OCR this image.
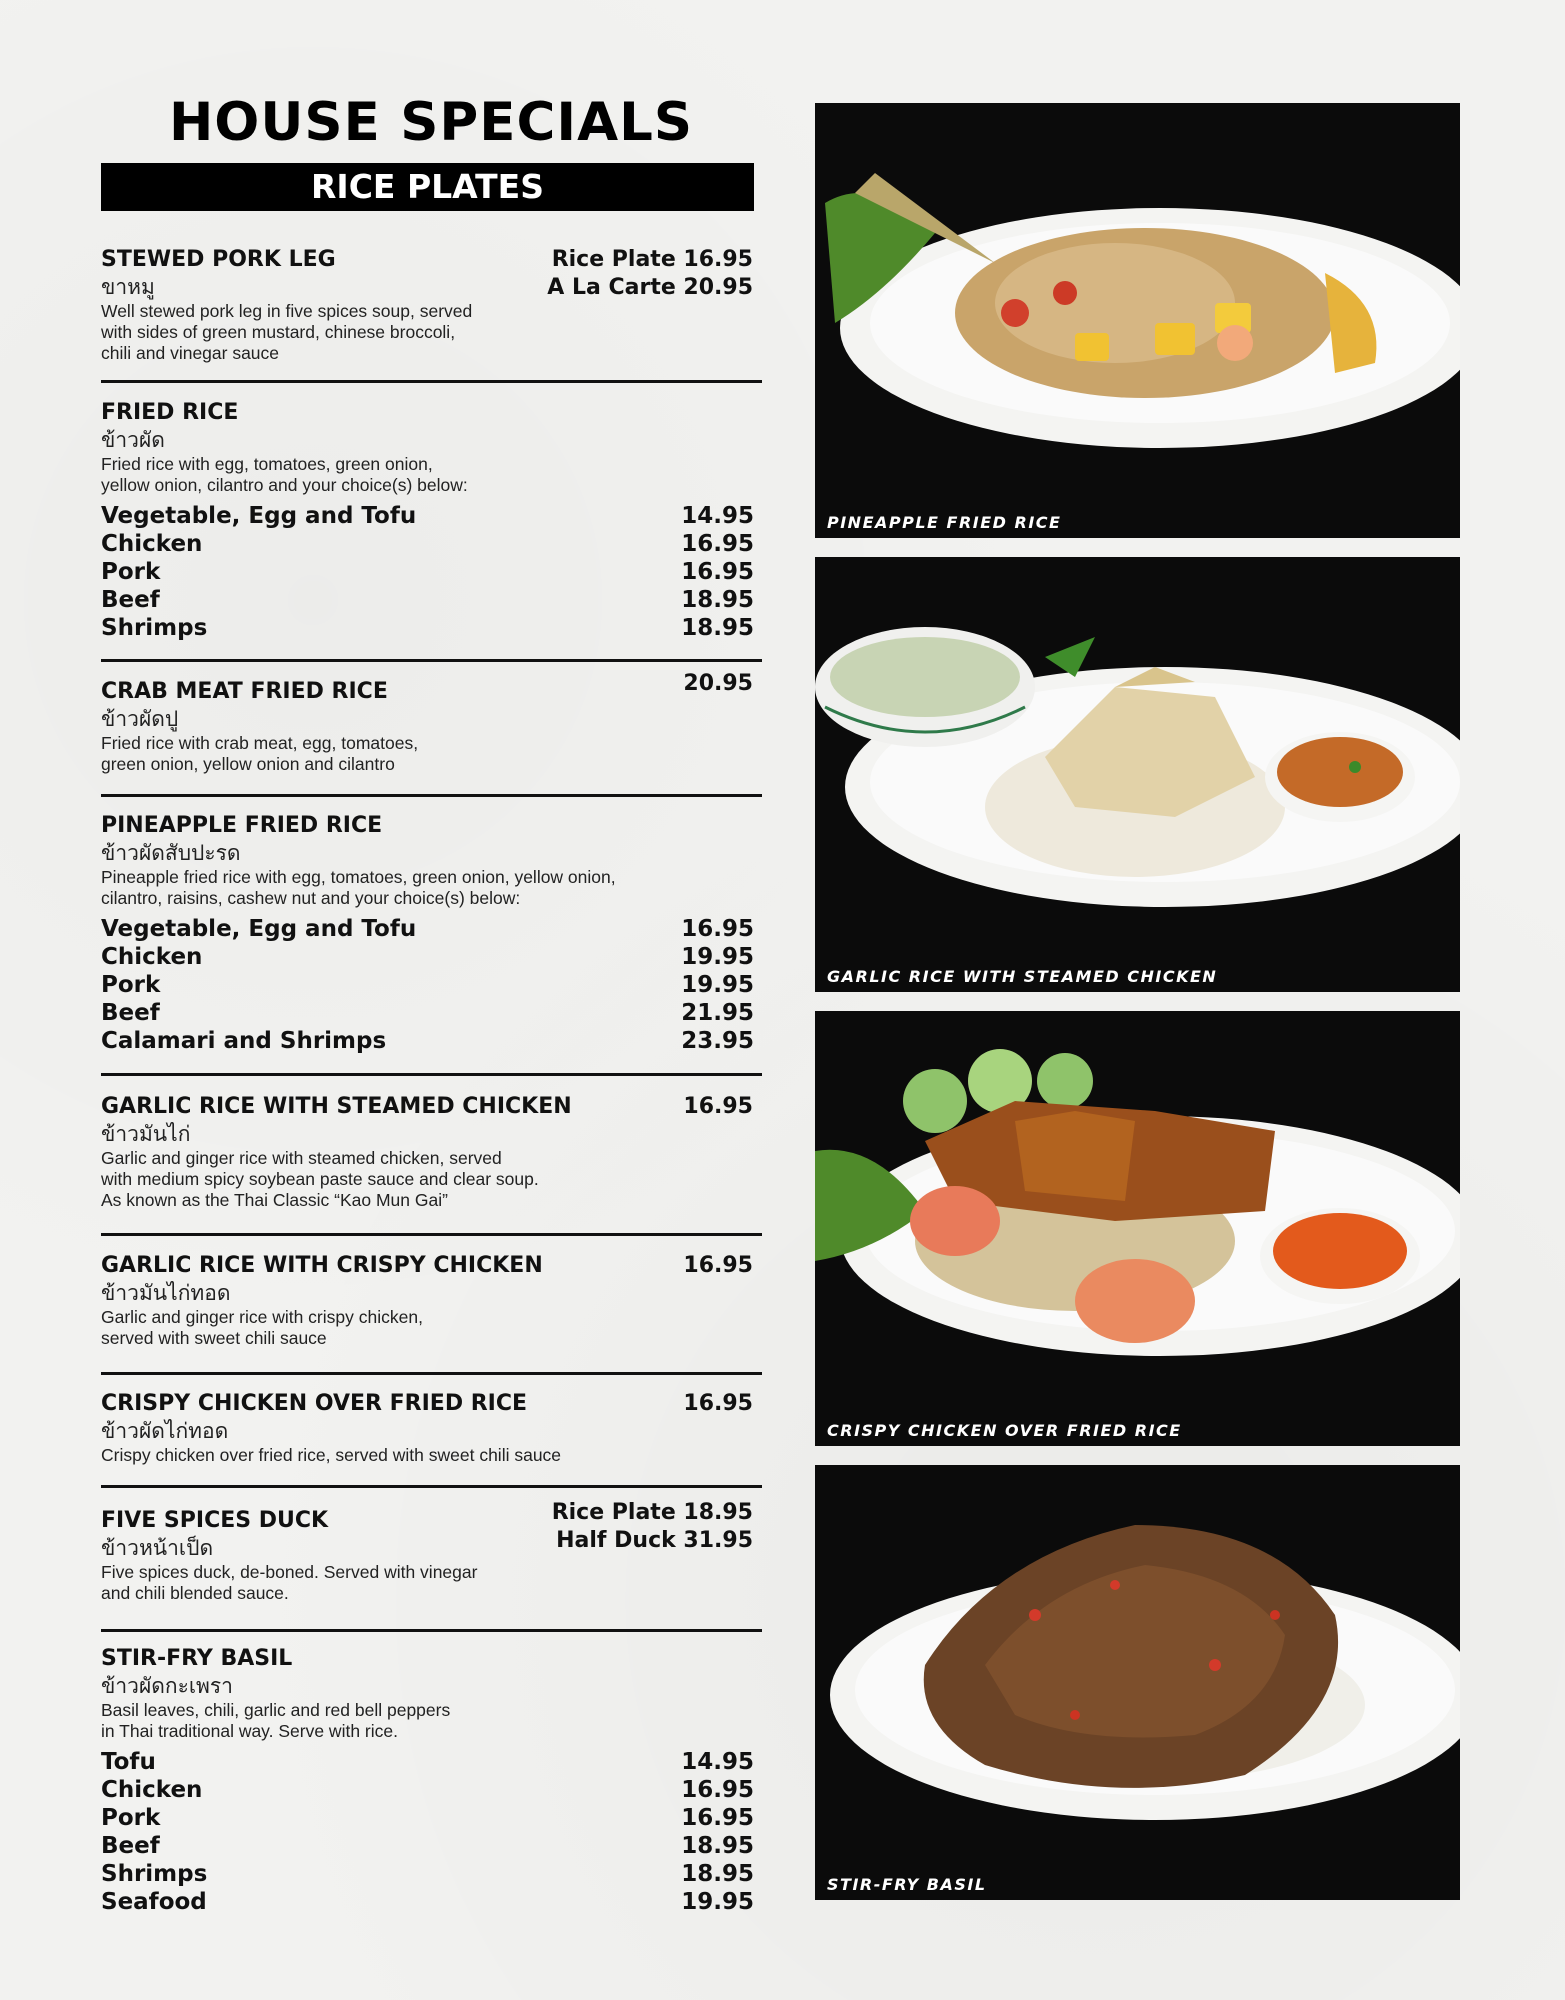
HOUSE SPECIALS
RICE PLATES
STEWED PORK LEG
ขาหมู
Well stewed pork leg in five spices soup, served
with sides of green mustard, chinese broccoli,
chili and vinegar sauce
Rice Plate 16.95
A La Carte 20.95
FRIED RICE
ข้าวผัด
Fried rice with egg, tomatoes, green onion,
yellow onion, cilantro and your choice(s) below:
Vegetable, Egg and Tofu	14.95
Chicken	16.95
Pork	16.95
Beef	18.95
Shrimps	18.95
CRAB MEAT FRIED RICE
ข้าวผัดปู
Fried rice with crab meat, egg, tomatoes,
green onion, yellow onion and cilantro
20.95
PINEAPPLE FRIED RICE
ข้าวผัดสับปะรด
Pineapple fried rice with egg, tomatoes, green onion, yellow onion,
cilantro, raisins, cashew nut and your choice(s) below:
Vegetable, Egg and Tofu	16.95
Chicken	19.95
Pork	19.95
Beef	21.95
Calamari and Shrimps	23.95
GARLIC RICE WITH STEAMED CHICKEN
ข้าวมันไก่
Garlic and ginger rice with steamed chicken, served
with medium spicy soybean paste sauce and clear soup.
As known as the Thai Classic “Kao Mun Gai”
16.95
GARLIC RICE WITH CRISPY CHICKEN
ข้าวมันไก่ทอด
Garlic and ginger rice with crispy chicken,
served with sweet chili sauce
16.95
CRISPY CHICKEN OVER FRIED RICE
ข้าวผัดไก่ทอด
Crispy chicken over fried rice, served with sweet chili sauce
16.95
FIVE SPICES DUCK
ข้าวหน้าเป็ด
Five spices duck, de-boned. Served with vinegar
and chili blended sauce.
Rice Plate 18.95
Half Duck 31.95
STIR-FRY BASIL
ข้าวผัดกะเพรา
Basil leaves, chili, garlic and red bell peppers
in Thai traditional way. Serve with rice.
Tofu	14.95
Chicken	16.95
Pork	16.95
Beef	18.95
Shrimps	18.95
Seafood	19.95
PINEAPPLE FRIED RICE
GARLIC RICE WITH STEAMED CHICKEN
CRISPY CHICKEN OVER FRIED RICE
STIR-FRY BASIL
